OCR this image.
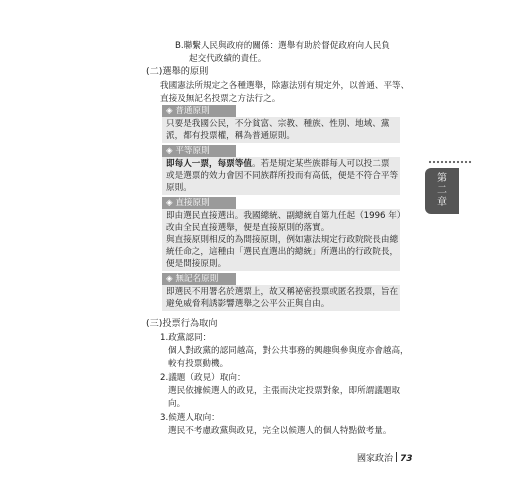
B.聯繫人民與政府的關係：選舉有助於督促政府向人民負
起交代政績的責任。
(二)選舉的原則
我國憲法所規定之各種選舉，除憲法別有規定外，以普通、平等、
直接及無記名投票之方法行之。
◈ 普通原則
只要是我國公民，不分貧富、宗教、種族、性別、地域、黨
派，都有投票權，稱為普通原則。
◈ 平等原則
即每人一票，每票等值。若是規定某些族群每人可以投二票
或是選票的效力會因不同族群所投而有高低，便是不符合平等
原則。
◈ 直接原則
即由選民直接選出。我國總統、副總統自第九任起（1996 年）
改由全民直接選舉，便是直接原則的落實。
與直接原則相反的為間接原則，例如憲法規定行政院院長由總
統任命之，這種由「選民直選出的總統」所選出的行政院長，
便是間接原則。
◈ 無記名原則
即選民不用署名於選票上，故又稱祕密投票或匿名投票，旨在
避免威脅利誘影響選舉之公平公正與自由。
(三)投票行為取向
1.政黨認同：
個人對政黨的認同越高，對公共事務的興趣與參與度亦會越高，
較有投票動機。
2.議題（政見）取向：
選民依據候選人的政見，主張而決定投票對象，即所謂議題取
向。
3.候選人取向：
選民不考慮政黨與政見，完全以候選人的個人特點做考量。
第二章
國家政治 73
